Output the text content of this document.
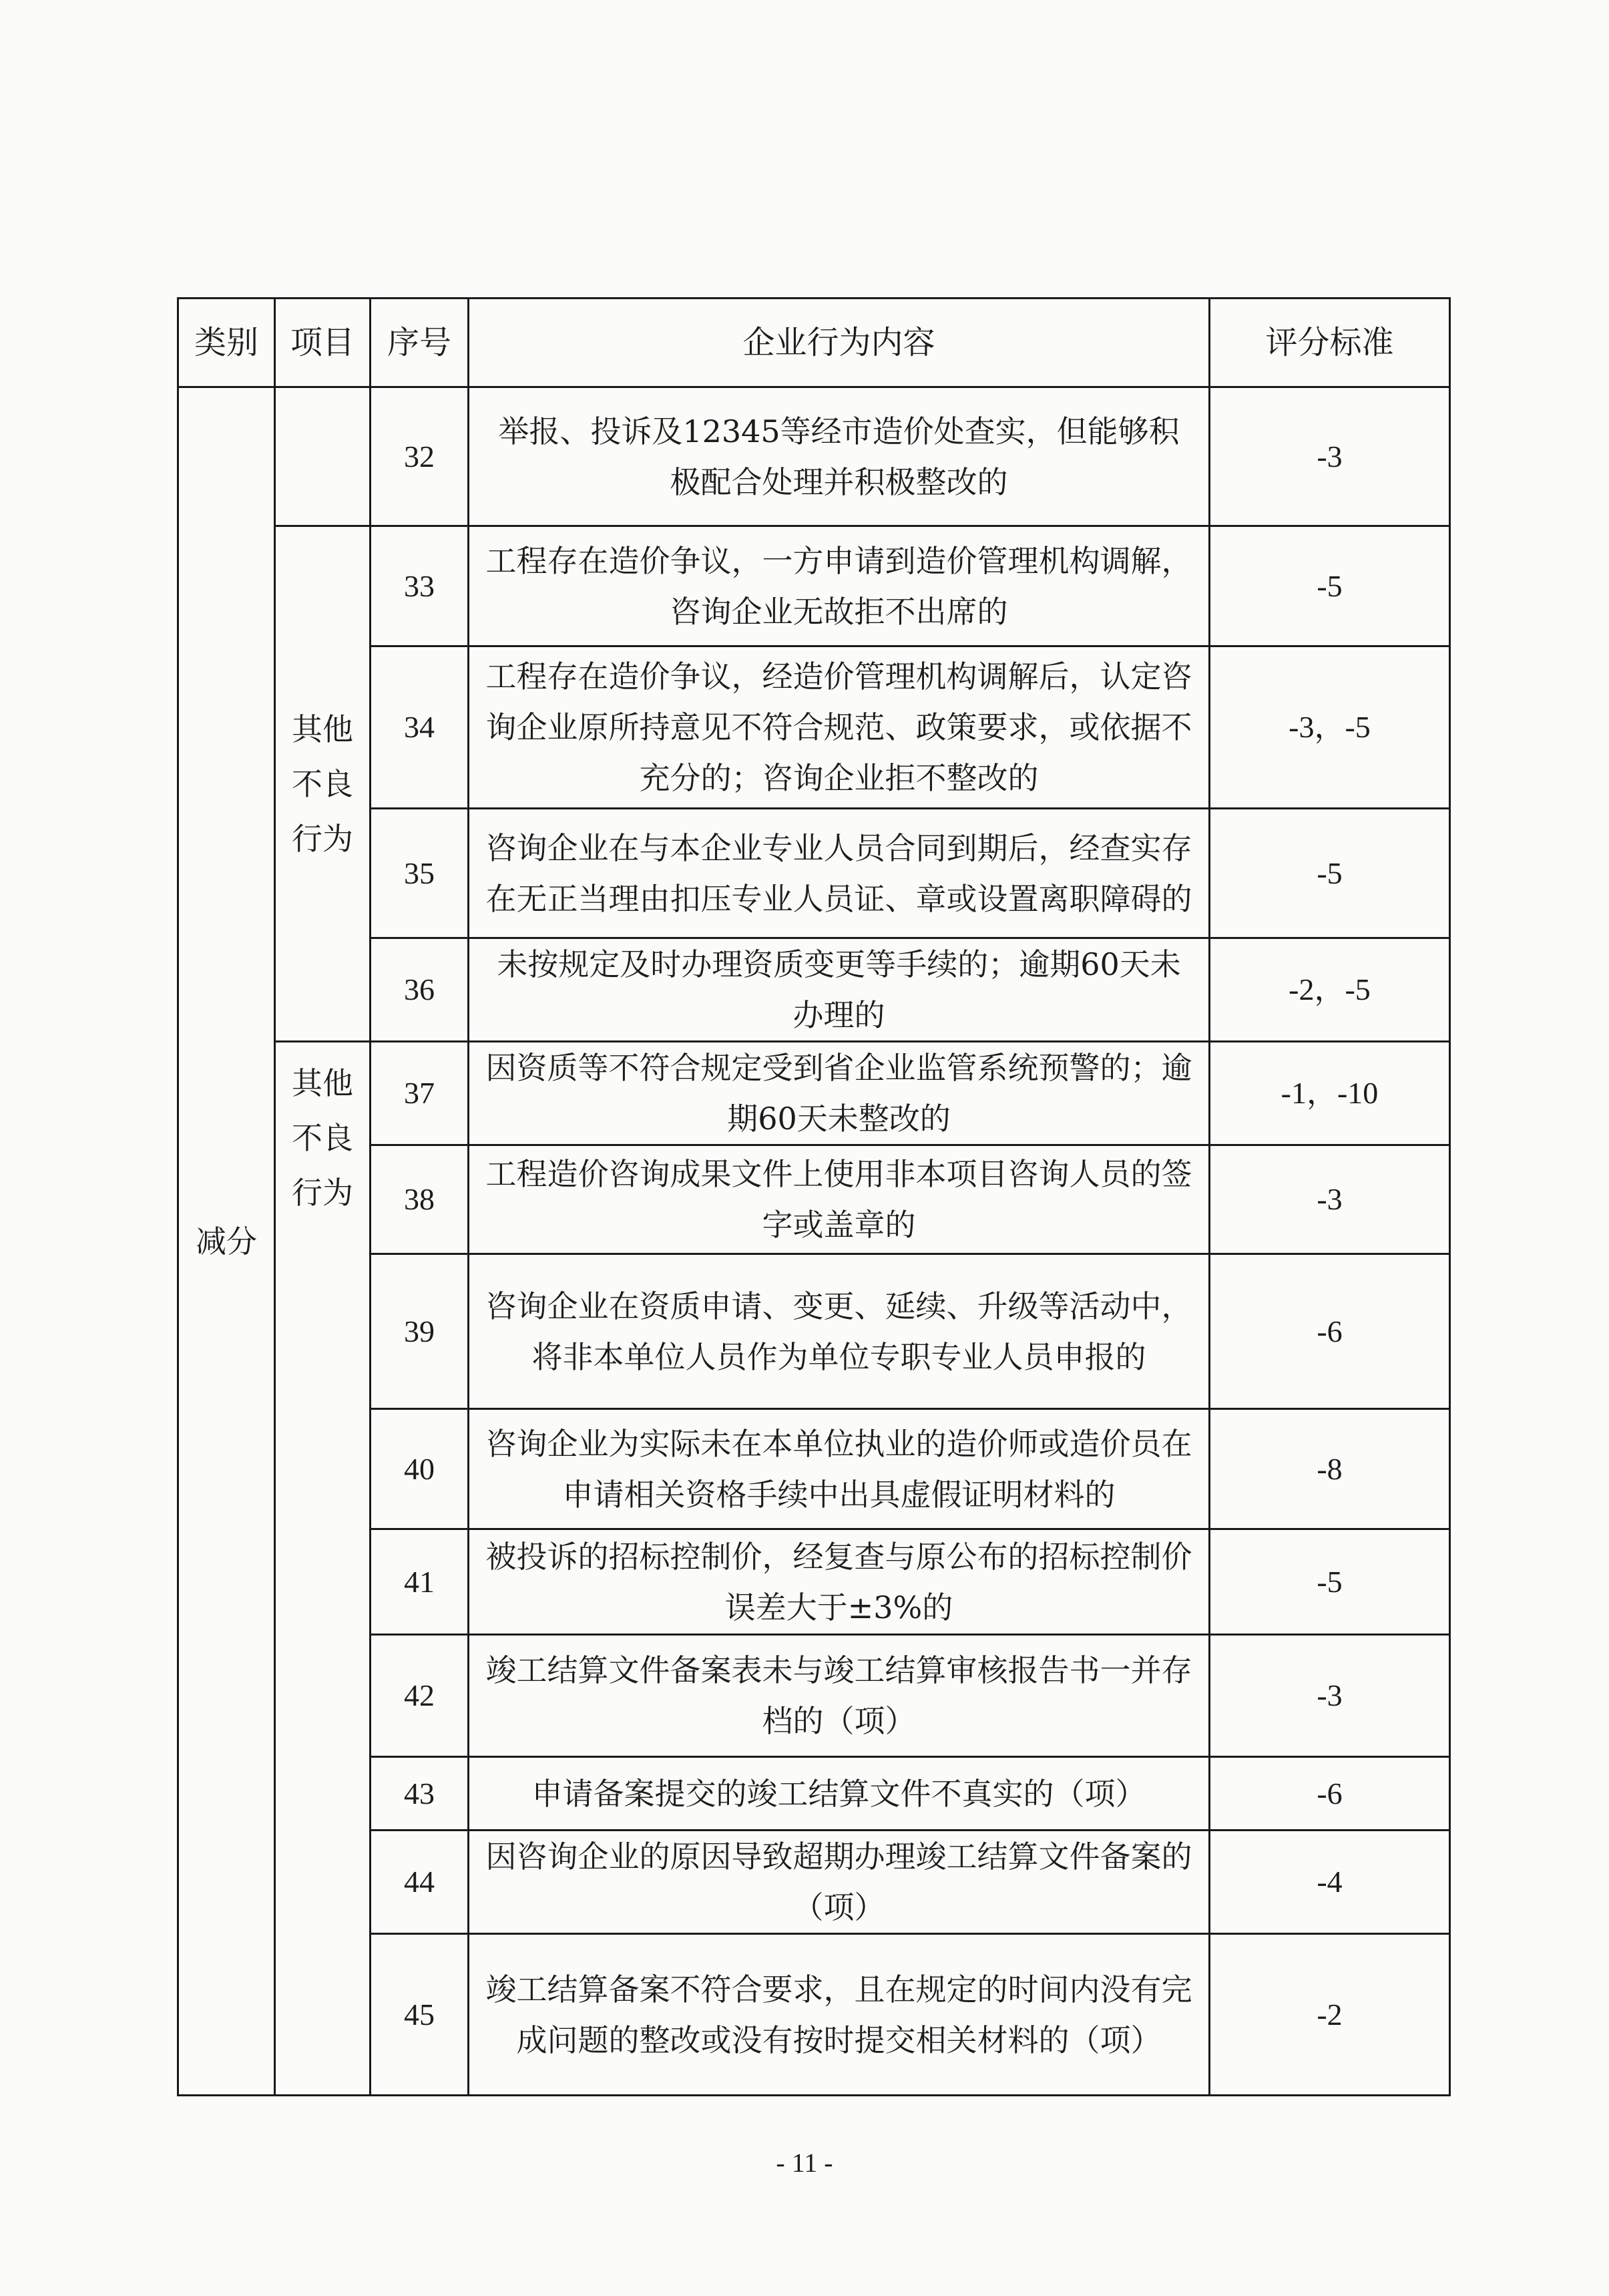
类别	项目	序号	企业行为内容	评分标准
减分		32	举报、投诉及12345等经市造价处查实，但能够积极配合处理并积极整改的	-3
	其他不良行为	33	工程存在造价争议，一方申请到造价管理机构调解，咨询企业无故拒不出席的	-5
		34	工程存在造价争议，经造价管理机构调解后，认定咨询企业原所持意见不符合规范、政策要求，或依据不充分的；咨询企业拒不整改的	-3，-5
		35	咨询企业在与本企业专业人员合同到期后，经查实存在无正当理由扣压专业人员证、章或设置离职障碍的	-5
		36	未按规定及时办理资质变更等手续的；逾期60天未办理的	-2，-5
	其他不良行为	37	因资质等不符合规定受到省企业监管系统预警的；逾期60天未整改的	-1，-10
		38	工程造价咨询成果文件上使用非本项目咨询人员的签字或盖章的	-3
		39	咨询企业在资质申请、变更、延续、升级等活动中，将非本单位人员作为单位专职专业人员申报的	-6
		40	咨询企业为实际未在本单位执业的造价师或造价员在申请相关资格手续中出具虚假证明材料的	-8
		41	被投诉的招标控制价，经复查与原公布的招标控制价误差大于±3%的	-5
		42	竣工结算文件备案表未与竣工结算审核报告书一并存档的（项）	-3
		43	申请备案提交的竣工结算文件不真实的（项）	-6
		44	因咨询企业的原因导致超期办理竣工结算文件备案的（项）	-4
		45	竣工结算备案不符合要求，且在规定的时间内没有完成问题的整改或没有按时提交相关材料的（项）	-2
- 11 -
